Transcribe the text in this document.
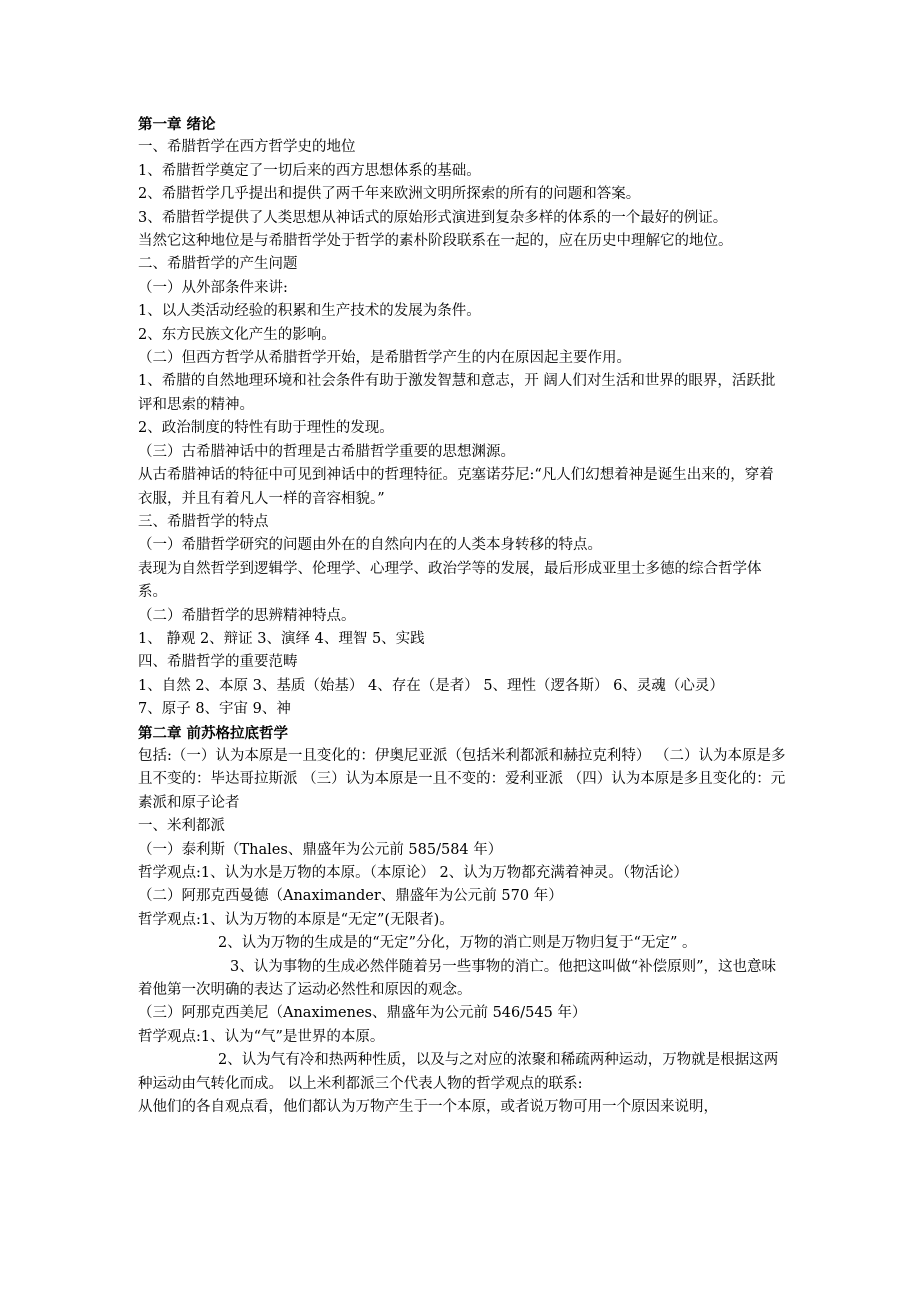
第一章 绪论
一、希腊哲学在西方哲学史的地位
1、希腊哲学奠定了一切后来的西方思想体系的基础。
2、希腊哲学几乎提出和提供了两千年来欧洲文明所探索的所有的问题和答案。
3、希腊哲学提供了人类思想从神话式的原始形式演进到复杂多样的体系的一个最好的例证。
当然它这种地位是与希腊哲学处于哲学的素朴阶段联系在一起的，应在历史中理解它的地位。
二、希腊哲学的产生问题
（一）从外部条件来讲:
1、以人类活动经验的积累和生产技术的发展为条件。
2、东方民族文化产生的影响。
（二）但西方哲学从希腊哲学开始，是希腊哲学产生的内在原因起主要作用。
1、希腊的自然地理环境和社会条件有助于激发智慧和意志，开 阔人们对生活和世界的眼界，活跃批评和思索的精神。
2、政治制度的特性有助于理性的发现。
（三）古希腊神话中的哲理是古希腊哲学重要的思想渊源。
从古希腊神话的特征中可见到神话中的哲理特征。克塞诺芬尼:“凡人们幻想着神是诞生出来的，穿着衣服，并且有着凡人一样的音容相貌。”
三、希腊哲学的特点
（一）希腊哲学研究的问题由外在的自然向内在的人类本身转移的特点。
表现为自然哲学到逻辑学、伦理学、心理学、政治学等的发展，最后形成亚里士多德的综合哲学体系。
（二）希腊哲学的思辨精神特点。
1、 静观 2、辩证 3、演绎 4、理智 5、实践
四、希腊哲学的重要范畴
1、自然 2、本原 3、基质（始基） 4、存在（是者） 5、理性（逻各斯） 6、灵魂（心灵）
7、原子 8、宇宙 9、神
第二章 前苏格拉底哲学
包括:（一）认为本原是一且变化的：伊奥尼亚派（包括米利都派和赫拉克利特） （二）认为本原是多且不变的：毕达哥拉斯派 （三）认为本原是一且不变的：爱利亚派 （四）认为本原是多且变化的：元素派和原子论者
一、米利都派
（一）泰利斯（Thales、鼎盛年为公元前 585/584 年）
哲学观点:1、认为水是万物的本原。（本原论） 2、认为万物都充满着神灵。（物活论）
（二）阿那克西曼德（Anaximander、鼎盛年为公元前 570 年）
哲学观点:1、认为万物的本原是“无定”(无限者)。
2、认为万物的生成是的“无定”分化，万物的消亡则是万物归复于“无定” 。
3、认为事物的生成必然伴随着另一些事物的消亡。他把这叫做“补偿原则”，这也意味着他第一次明确的表达了运动必然性和原因的观念。
（三）阿那克西美尼（Anaximenes、鼎盛年为公元前 546/545 年）
哲学观点:1、认为“气”是世界的本原。
2、认为气有冷和热两种性质，以及与之对应的浓聚和稀疏两种运动，万物就是根据这两种运动由气转化而成。 以上米利都派三个代表人物的哲学观点的联系:
从他们的各自观点看，他们都认为万物产生于一个本原，或者说万物可用一个原因来说明，
